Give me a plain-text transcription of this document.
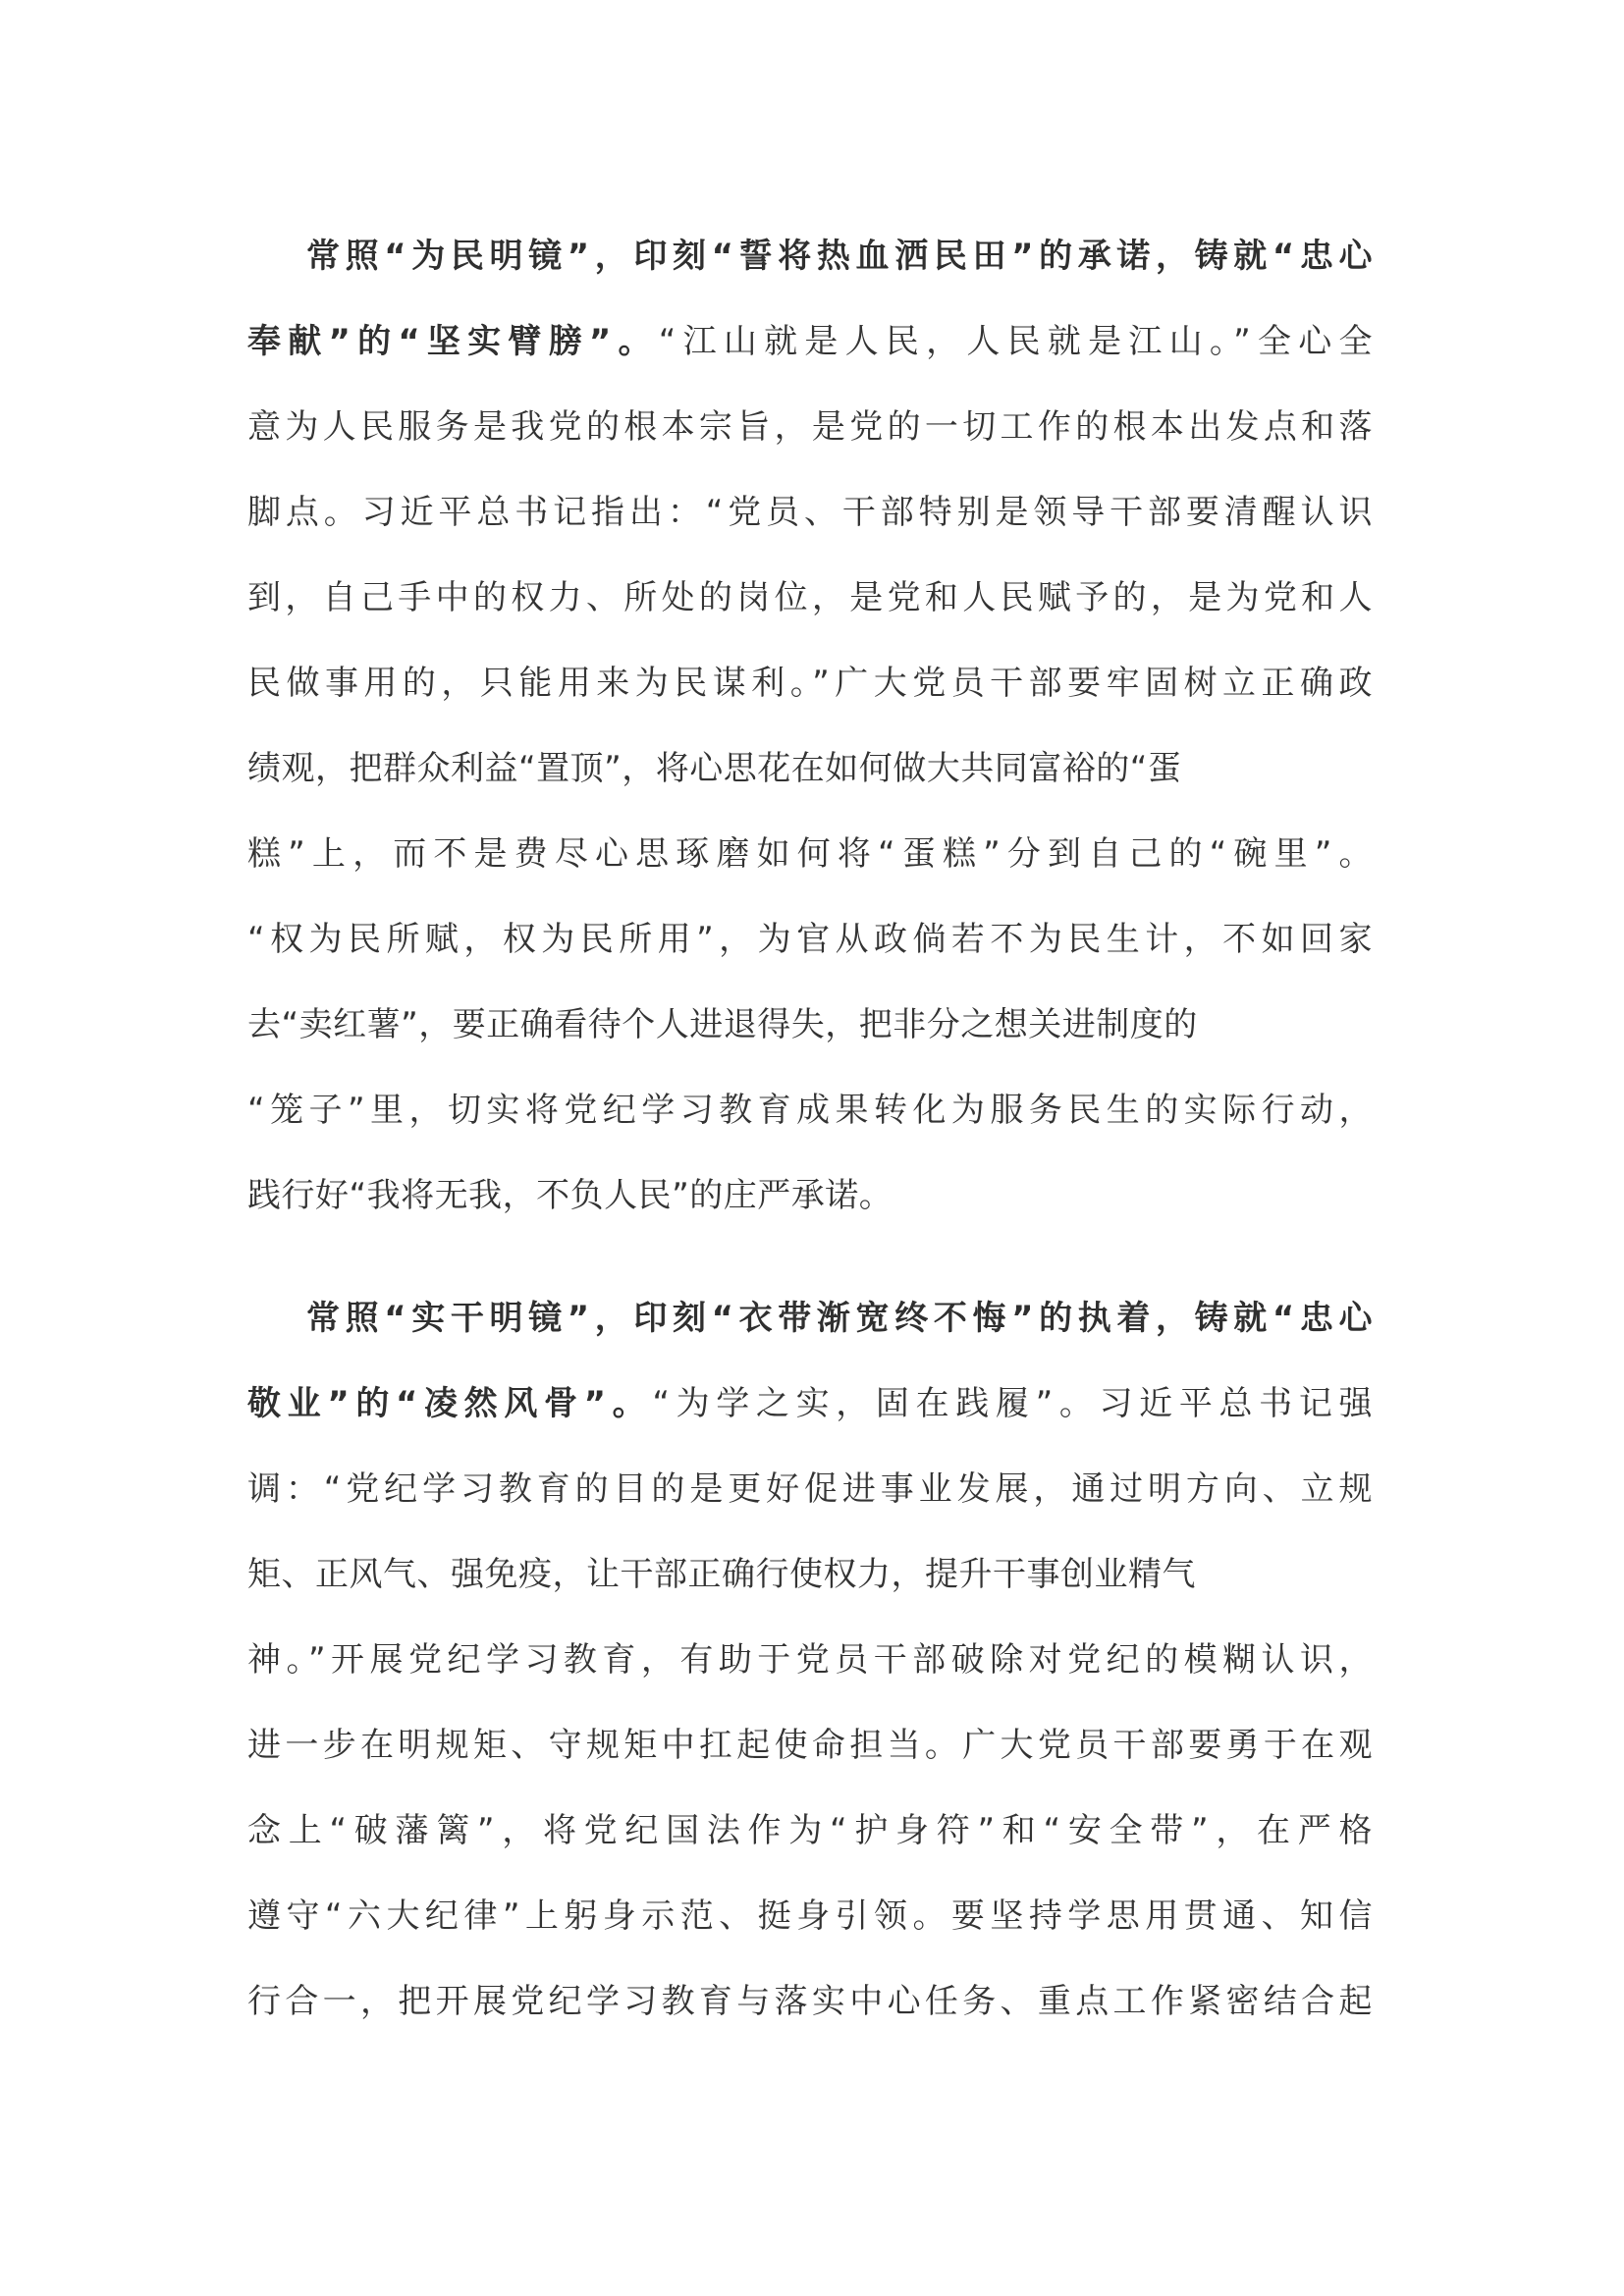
常照“为民明镜”，印刻“誓将热血洒民田”的承诺，铸就“忠心
奉献”的“坚实臂膀”。“江山就是人民，人民就是江山。”全心全
意为人民服务是我党的根本宗旨，是党的一切工作的根本出发点和落
脚点。习近平总书记指出：“党员、干部特别是领导干部要清醒认识
到，自己手中的权力、所处的岗位，是党和人民赋予的，是为党和人
民做事用的，只能用来为民谋利。”广大党员干部要牢固树立正确政
绩观，把群众利益“置顶”，将心思花在如何做大共同富裕的“蛋
糕”上，而不是费尽心思琢磨如何将“蛋糕”分到自己的“碗里”。
“权为民所赋，权为民所用”，为官从政倘若不为民生计，不如回家
去“卖红薯”，要正确看待个人进退得失，把非分之想关进制度的
“笼子”里，切实将党纪学习教育成果转化为服务民生的实际行动，
践行好“我将无我，不负人民”的庄严承诺。
常照“实干明镜”，印刻“衣带渐宽终不悔”的执着，铸就“忠心
敬业”的“凌然风骨”。“为学之实，固在践履”。习近平总书记强
调：“党纪学习教育的目的是更好促进事业发展，通过明方向、立规
矩、正风气、强免疫，让干部正确行使权力，提升干事创业精气
神。”开展党纪学习教育，有助于党员干部破除对党纪的模糊认识，
进一步在明规矩、守规矩中扛起使命担当。广大党员干部要勇于在观
念上“破藩篱”，将党纪国法作为“护身符”和“安全带”，在严格
遵守“六大纪律”上躬身示范、挺身引领。要坚持学思用贯通、知信
行合一，把开展党纪学习教育与落实中心任务、重点工作紧密结合起
